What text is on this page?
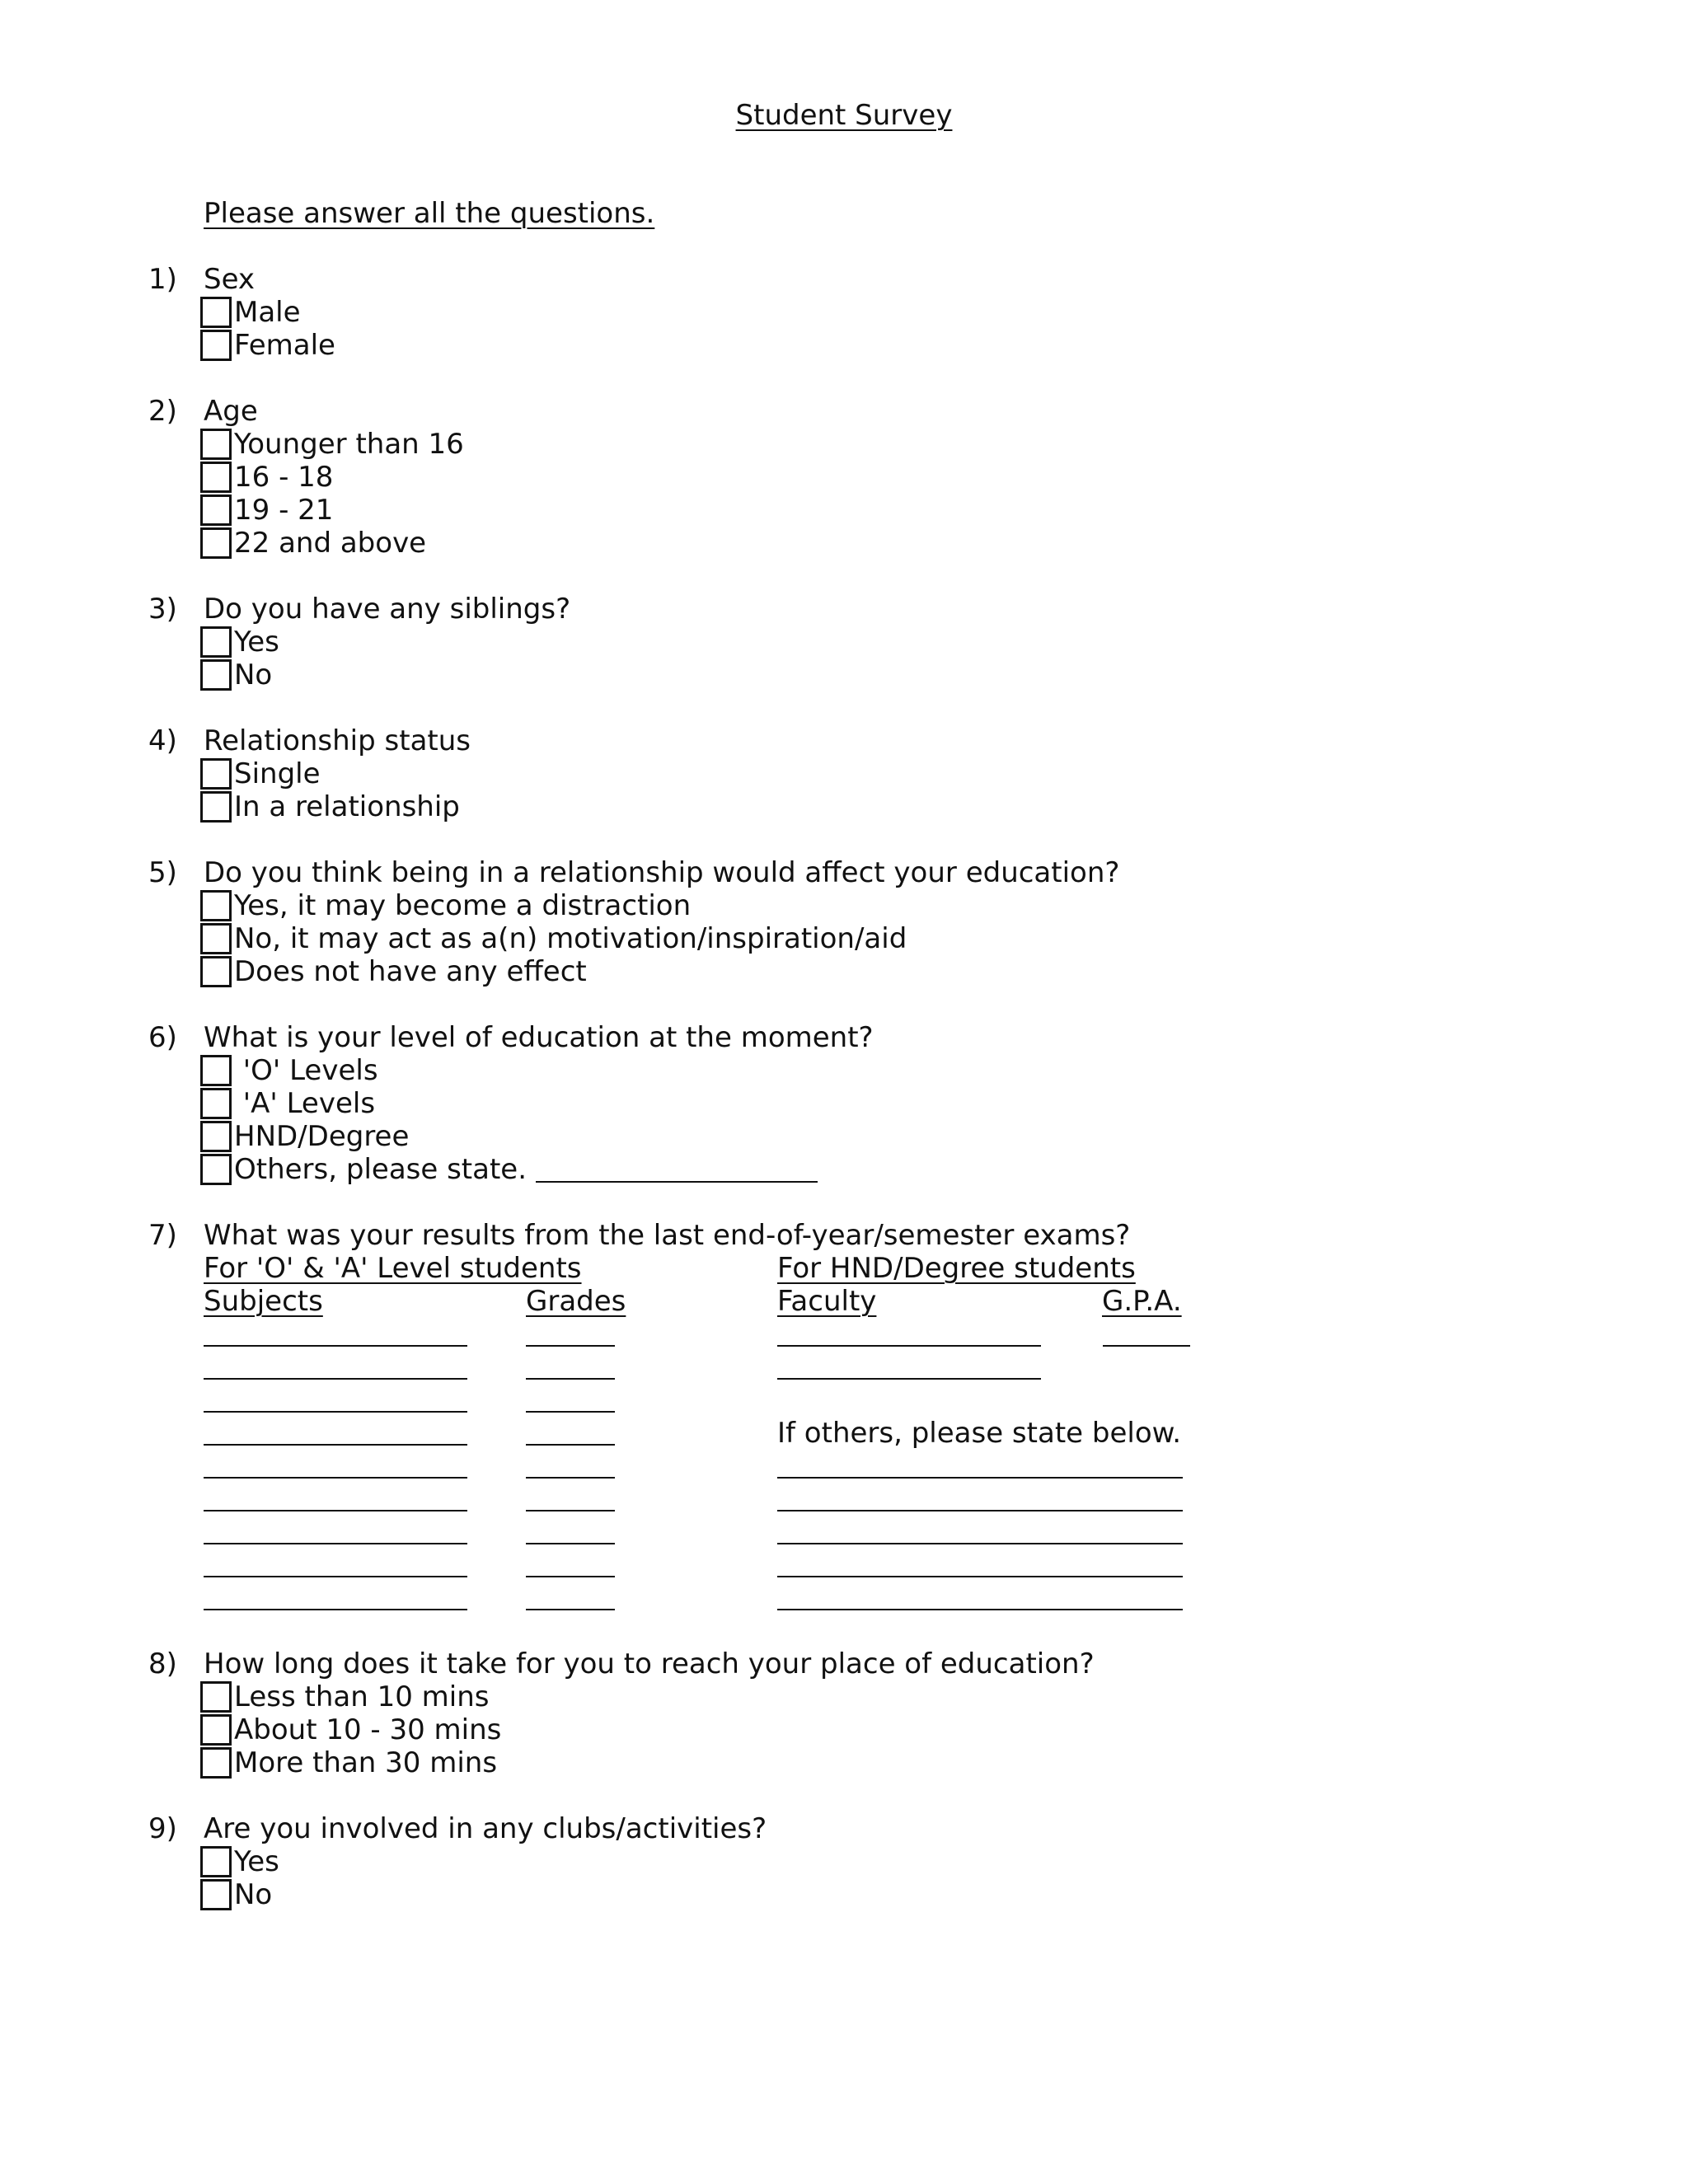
Student Survey
Please answer all the questions.
1) Sex
Male
Female
2) Age
Younger than 16
16 - 18
19 - 21
22 and above
3) Do you have any siblings?
Yes
No
4) Relationship status
Single
In a relationship
5) Do you think being in a relationship would affect your education?
Yes, it may become a distraction
No, it may act as a(n) motivation/inspiration/aid
Does not have any effect
6) What is your level of education at the moment?
'O' Levels
'A' Levels
HND/Degree
Others, please state.
7) What was your results from the last end-of-year/semester exams?
For 'O' & 'A' Level students	For HND/Degree students
Subjects	Grades	Faculty	G.P.A.
If others, please state below.
8) How long does it take for you to reach your place of education?
Less than 10 mins
About 10 - 30 mins
More than 30 mins
9) Are you involved in any clubs/activities?
Yes
No
